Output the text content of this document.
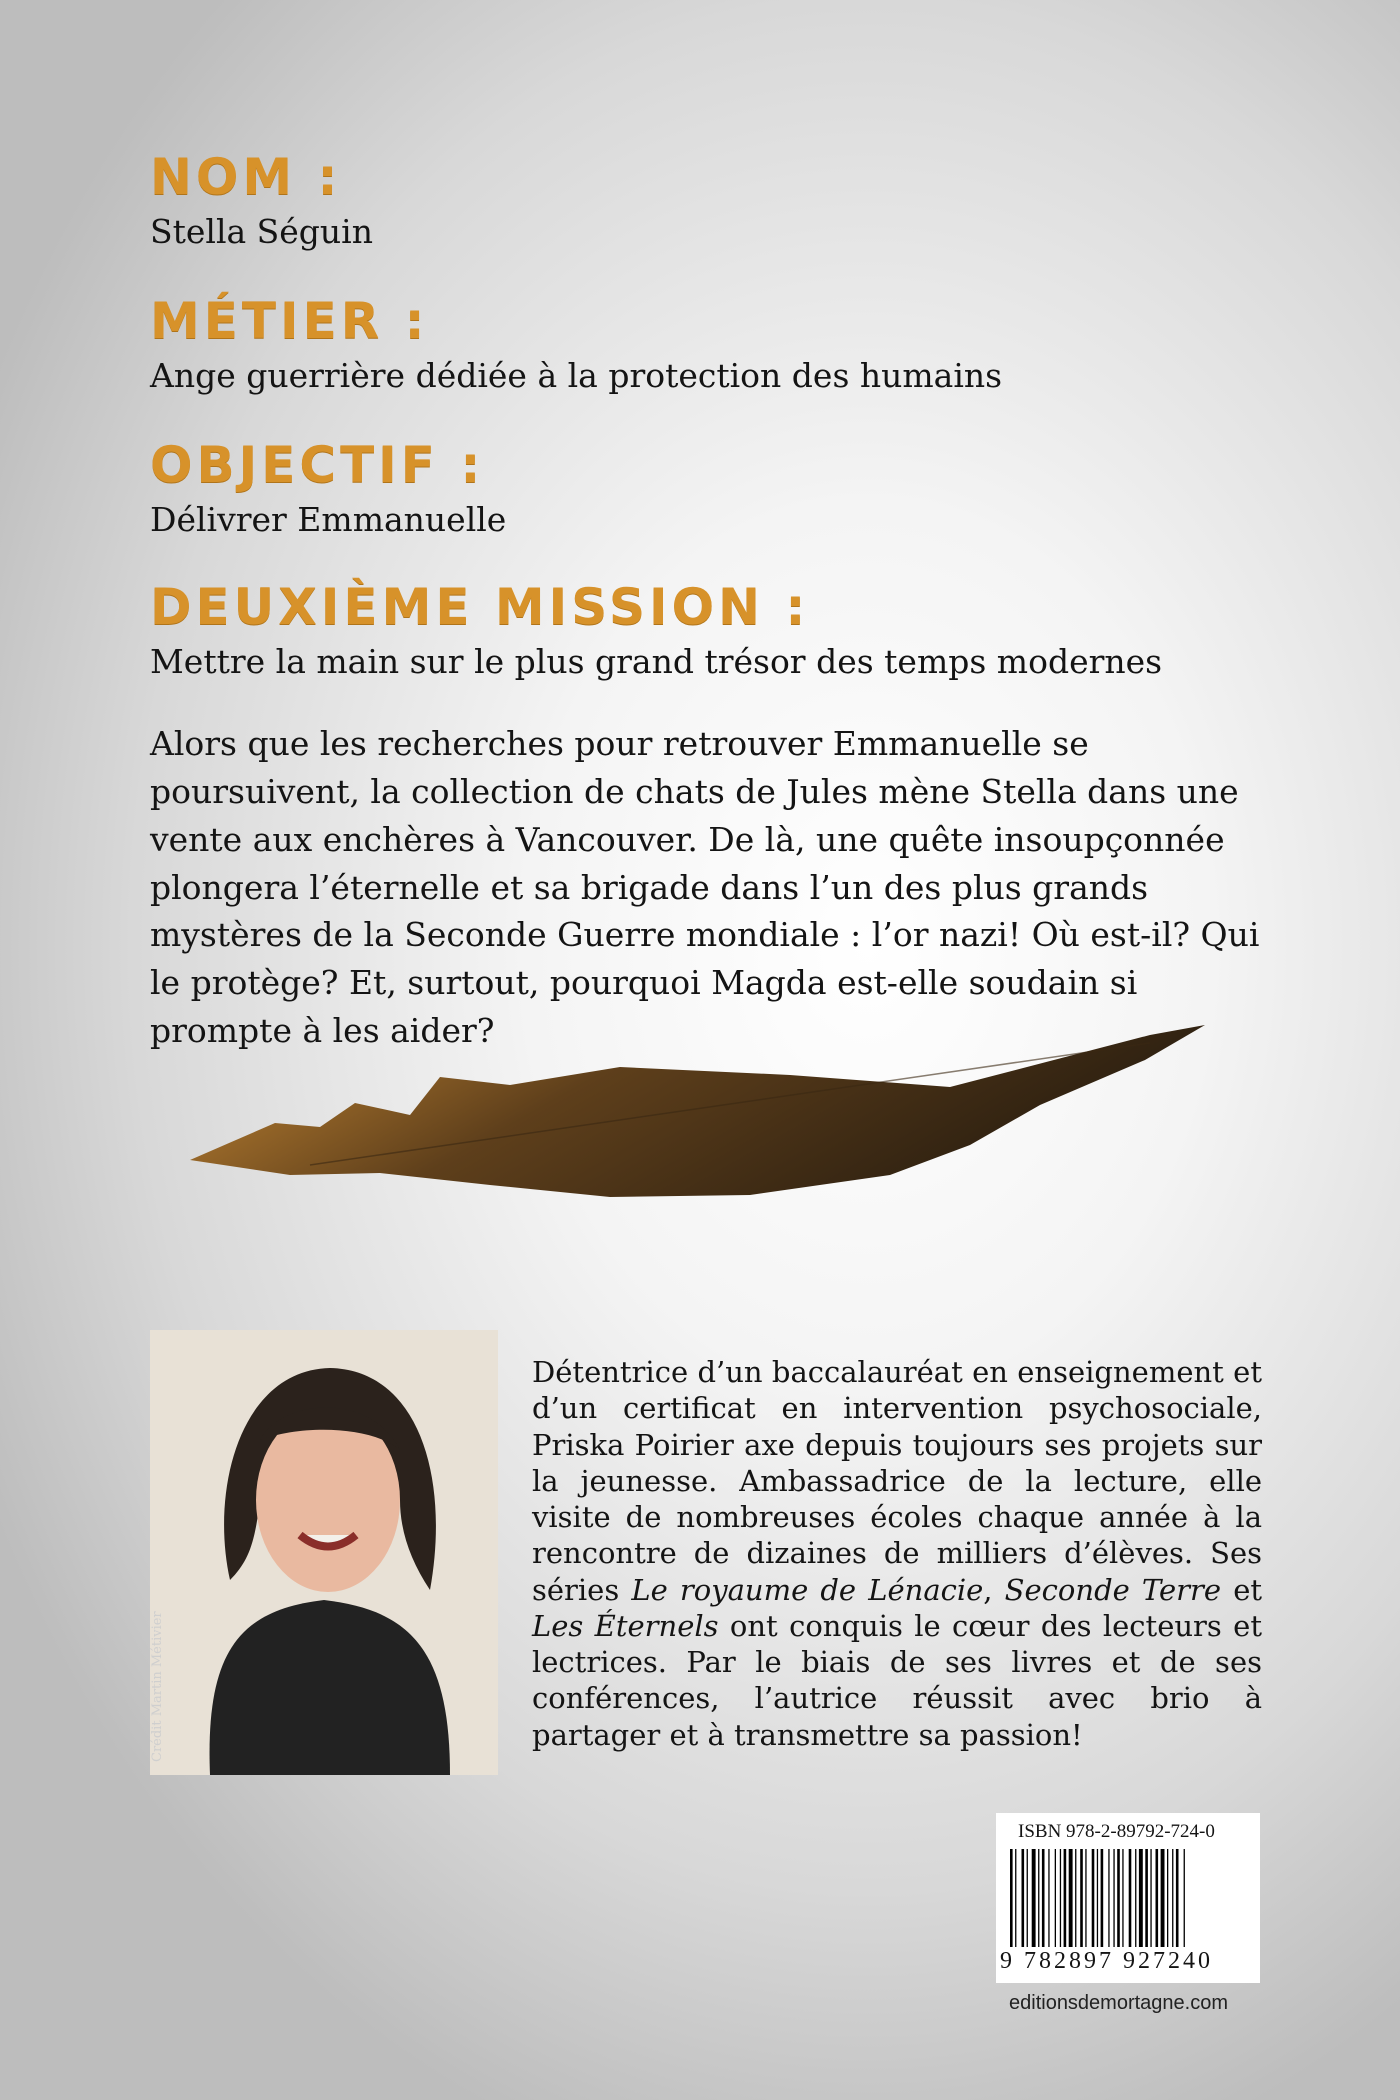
NOM :
Stella Séguin
MÉTIER :
Ange guerrière dédiée à la protection des humains
OBJECTIF :
Délivrer Emmanuelle
DEUXIÈME MISSION :
Mettre la main sur le plus grand trésor des temps modernes
Alors que les recherches pour retrouver Emmanuelle se poursuivent, la collection de chats de Jules mène Stella dans une vente aux enchères à Vancouver. De là, une quête insoupçonnée plongera l’éternelle et sa brigade dans l’un des plus grands mystères de la Seconde Guerre mondiale : l’or nazi! Où est-il? Qui le protège? Et, surtout, pourquoi Magda est-elle soudain si prompte à les aider?
Crédit Martin Métivier
Détentrice d’un baccalauréat en enseignement et d’un certificat en intervention psychosociale, Priska Poirier axe depuis toujours ses projets sur la jeunesse. Ambassadrice de la lecture, elle visite de nombreuses écoles chaque année à la rencontre de dizaines de milliers d’élèves. Ses séries Le royaume de Lénacie, Seconde Terre et Les Éternels ont conquis le cœur des lecteurs et lectrices. Par le biais de ses livres et de ses conférences, l’autrice réussit avec brio à partager et à transmettre sa passion!
ISBN 978-2-89792-724-0
9 782897 927240
editionsdemortagne.com
